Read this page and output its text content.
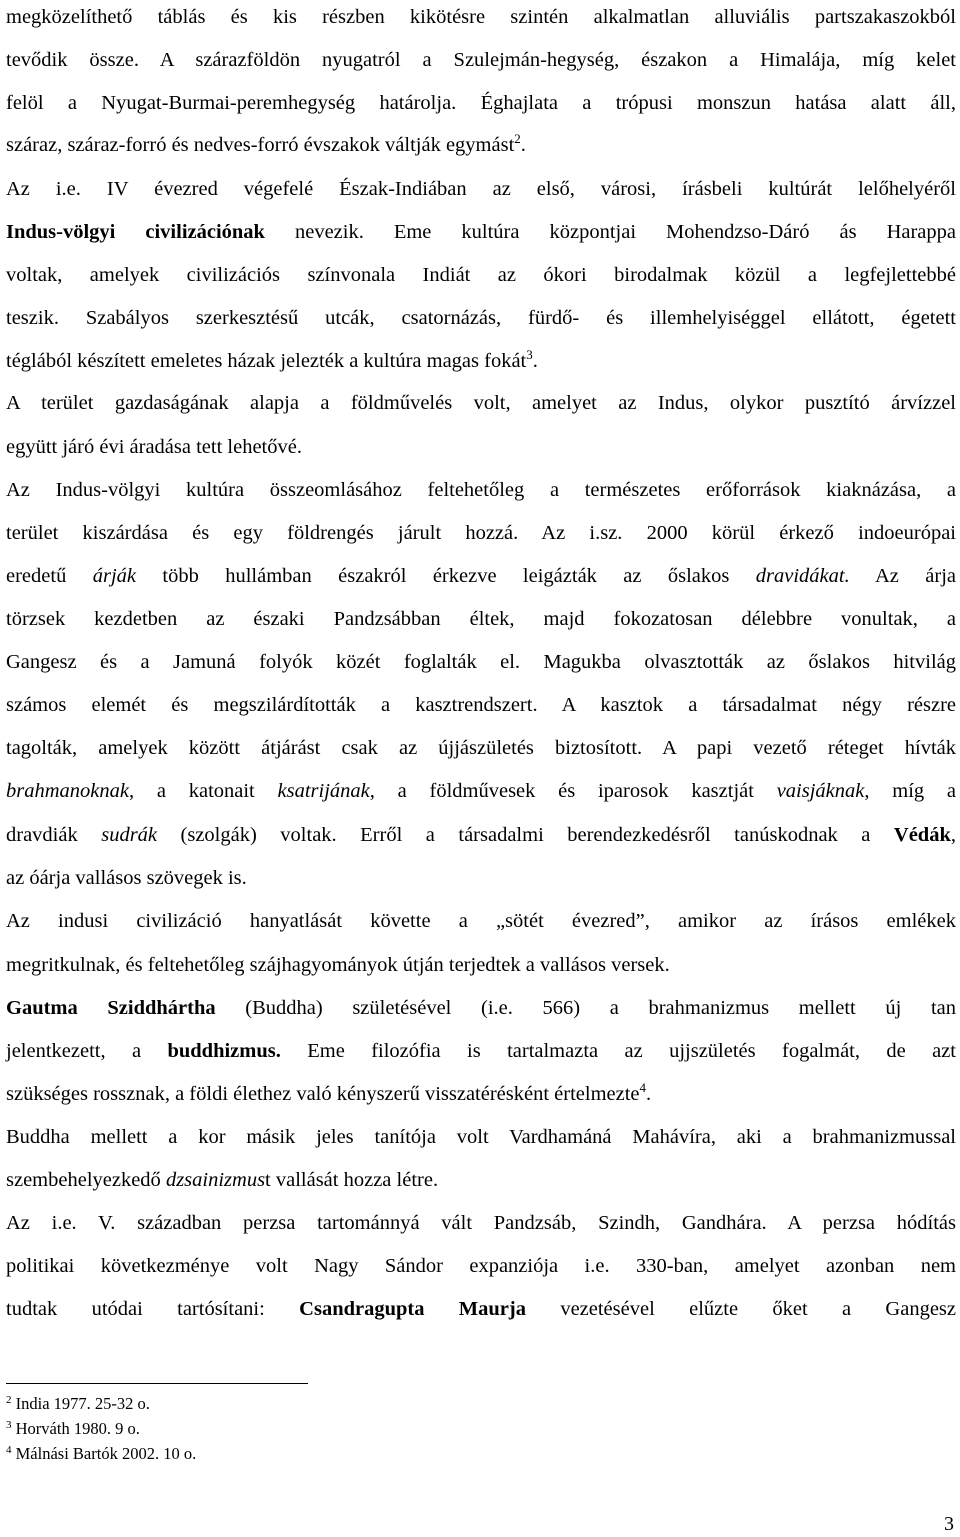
megközelíthető táblás és kis részben kikötésre szintén alkalmatlan alluviális partszakaszokból
tevődik össze. A szárazföldön nyugatról a Szulejmán-hegység, északon a Himalája, míg kelet
felöl a Nyugat-Burmai-peremhegység határolja. Éghajlata a trópusi monszun hatása alatt áll,
száraz, száraz-forró és nedves-forró évszakok váltják egymást$^2$.
Az i.e. IV évezred végefelé Észak-Indiában az első, városi, írásbeli kultúrát lelőhelyéről
Indus-völgyi civilizációnak nevezik. Eme kultúra központjai Mohendzso-Dáró ás Harappa
voltak, amelyek civilizációs színvonala Indiát az ókori birodalmak közül a legfejlettebbé
teszik. Szabályos szerkesztésű utcák, csatornázás, fürdő- és illemhelyiséggel ellátott, égetett
téglából készített emeletes házak jelezték a kultúra magas fokát$^3$.
A terület gazdaságának alapja a földművelés volt, amelyet az Indus, olykor pusztító árvízzel
együtt járó évi áradása tett lehetővé.
Az Indus-völgyi kultúra összeomlásához feltehetőleg a természetes erőforrások kiaknázása, a
terület kiszárdása és egy földrengés járult hozzá. Az i.sz. 2000 körül érkező indoeurópai
eredetű árják több hullámban északról érkezve leigázták az őslakos dravidákat. Az árja
törzsek kezdetben az északi Pandzsábban éltek, majd fokozatosan délebbre vonultak, a
Gangesz és a Jamuná folyók közét foglalták el. Magukba olvasztották az őslakos hitvilág
számos elemét és megszilárdították a kasztrendszert. A kasztok a társadalmat négy részre
tagolták, amelyek között átjárást csak az újjászületés biztosított. A papi vezető réteget hívták
brahmanoknak, a katonait ksatrijának, a földművesek és iparosok kasztját vaisjáknak, míg a
dravdiák sudrák (szolgák) voltak. Erről a társadalmi berendezkedésről tanúskodnak a Védák,
az óárja vallásos szövegek is.
Az indusi civilizáció hanyatlását követte a „sötét évezred”, amikor az írásos emlékek
megritkulnak, és feltehetőleg szájhagyományok útján terjedtek a vallásos versek.
Gautma Sziddhártha (Buddha) születésével (i.e. 566) a brahmanizmus mellett új tan
jelentkezett, a buddhizmus. Eme filozófia is tartalmazta az ujjszületés fogalmát, de azt
szükséges rossznak, a földi élethez való kényszerű visszatérésként értelmezte$^4$.
Buddha mellett a kor másik jeles tanítója volt Vardhamáná Mahávíra, aki a brahmanizmussal
szembehelyezkedő dzsainizmust vallását hozza létre.
Az i.e. V. században perzsa tartománnyá vált Pandzsáb, Szindh, Gandhára. A perzsa hódítás
politikai következménye volt Nagy Sándor expanziója i.e. 330-ban, amelyet azonban nem
tudtak utódai tartósítani: Csandragupta Maurja vezetésével elűzte őket a Gangesz
$^2$ India 1977. 25-32 o.
$^3$ Horváth 1980. 9 o.
$^4$ Málnási Bartók 2002. 10 o.
3
